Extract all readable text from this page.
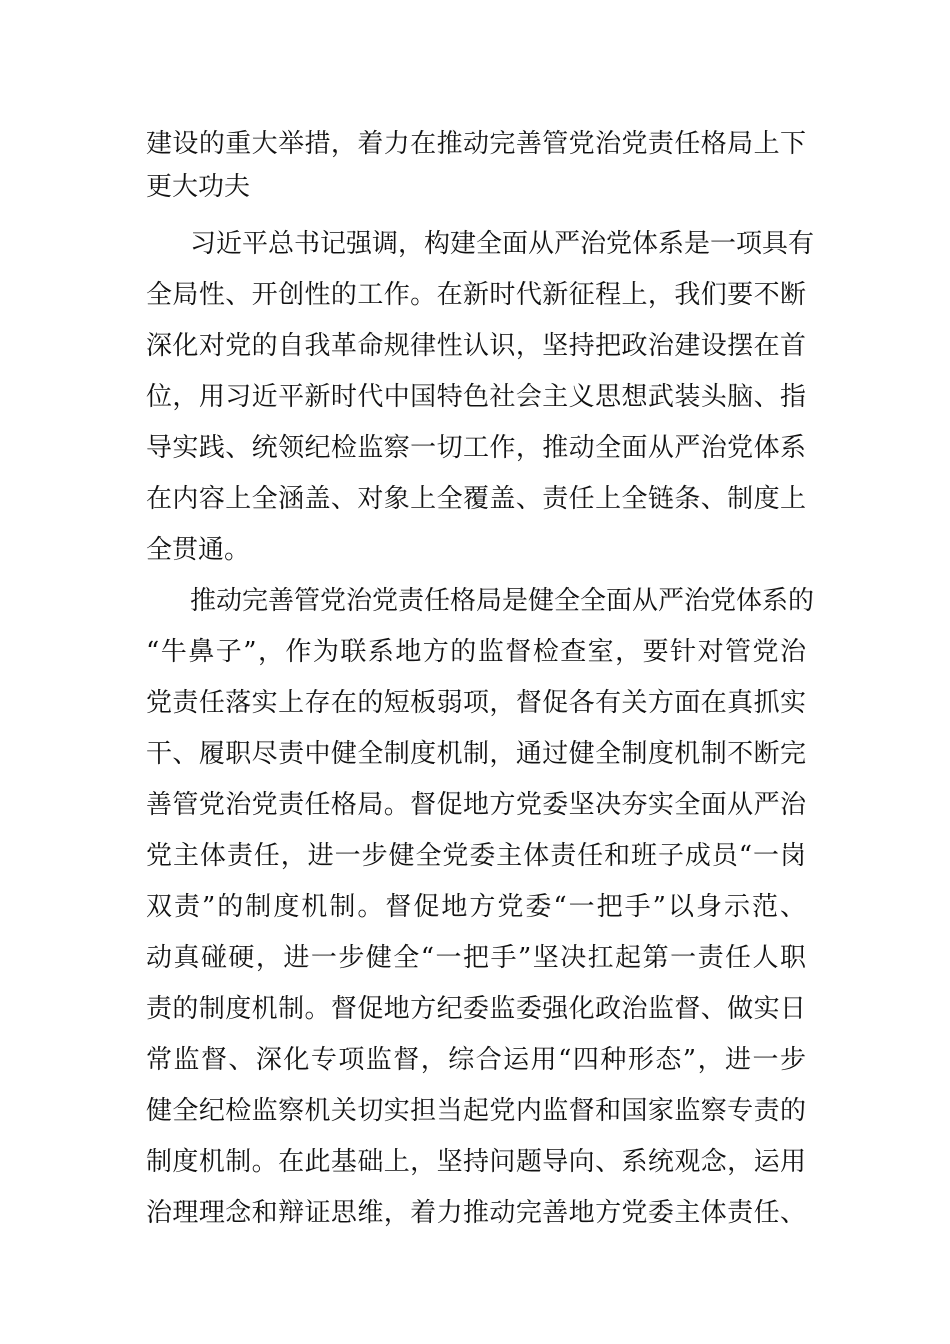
建设的重大举措，着力在推动完善管党治党责任格局上下
更大功夫
习近平总书记强调，构建全面从严治党体系是一项具有
全局性、开创性的工作。在新时代新征程上，我们要不断
深化对党的自我革命规律性认识，坚持把政治建设摆在首
位，用习近平新时代中国特色社会主义思想武装头脑、指
导实践、统领纪检监察一切工作，推动全面从严治党体系
在内容上全涵盖、对象上全覆盖、责任上全链条、制度上
全贯通。
推动完善管党治党责任格局是健全全面从严治党体系的
“牛鼻子”，作为联系地方的监督检查室，要针对管党治
党责任落实上存在的短板弱项，督促各有关方面在真抓实
干、履职尽责中健全制度机制，通过健全制度机制不断完
善管党治党责任格局。督促地方党委坚决夯实全面从严治
党主体责任，进一步健全党委主体责任和班子成员“一岗
双责”的制度机制。督促地方党委“一把手”以身示范、
动真碰硬，进一步健全“一把手”坚决扛起第一责任人职
责的制度机制。督促地方纪委监委强化政治监督、做实日
常监督、深化专项监督，综合运用“四种形态”，进一步
健全纪检监察机关切实担当起党内监督和国家监察专责的
制度机制。在此基础上，坚持问题导向、系统观念，运用
治理理念和辩证思维，着力推动完善地方党委主体责任、
